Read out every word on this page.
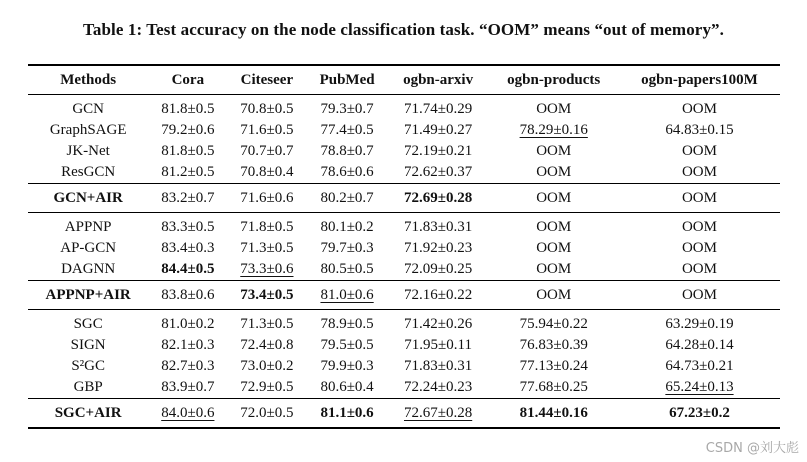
Table 1: Test accuracy on the node classification task. “OOM” means “out of memory”.
Methods	Cora	Citeseer	PubMed	ogbn-arxiv	ogbn-products	ogbn-papers100M
GCN	81.8±0.5	70.8±0.5	79.3±0.7	71.74±0.29	OOM	OOM
GraphSAGE	79.2±0.6	71.6±0.5	77.4±0.5	71.49±0.27	78.29±0.16	64.83±0.15
JK-Net	81.8±0.5	70.7±0.7	78.8±0.7	72.19±0.21	OOM	OOM
ResGCN	81.2±0.5	70.8±0.4	78.6±0.6	72.62±0.37	OOM	OOM
GCN+AIR	83.2±0.7	71.6±0.6	80.2±0.7	72.69±0.28	OOM	OOM
APPNP	83.3±0.5	71.8±0.5	80.1±0.2	71.83±0.31	OOM	OOM
AP-GCN	83.4±0.3	71.3±0.5	79.7±0.3	71.92±0.23	OOM	OOM
DAGNN	84.4±0.5	73.3±0.6	80.5±0.5	72.09±0.25	OOM	OOM
APPNP+AIR	83.8±0.6	73.4±0.5	81.0±0.6	72.16±0.22	OOM	OOM
SGC	81.0±0.2	71.3±0.5	78.9±0.5	71.42±0.26	75.94±0.22	63.29±0.19
SIGN	82.1±0.3	72.4±0.8	79.5±0.5	71.95±0.11	76.83±0.39	64.28±0.14
S²GC	82.7±0.3	73.0±0.2	79.9±0.3	71.83±0.31	77.13±0.24	64.73±0.21
GBP	83.9±0.7	72.9±0.5	80.6±0.4	72.24±0.23	77.68±0.25	65.24±0.13
SGC+AIR	84.0±0.6	72.0±0.5	81.1±0.6	72.67±0.28	81.44±0.16	67.23±0.2
CSDN @刘大彪
